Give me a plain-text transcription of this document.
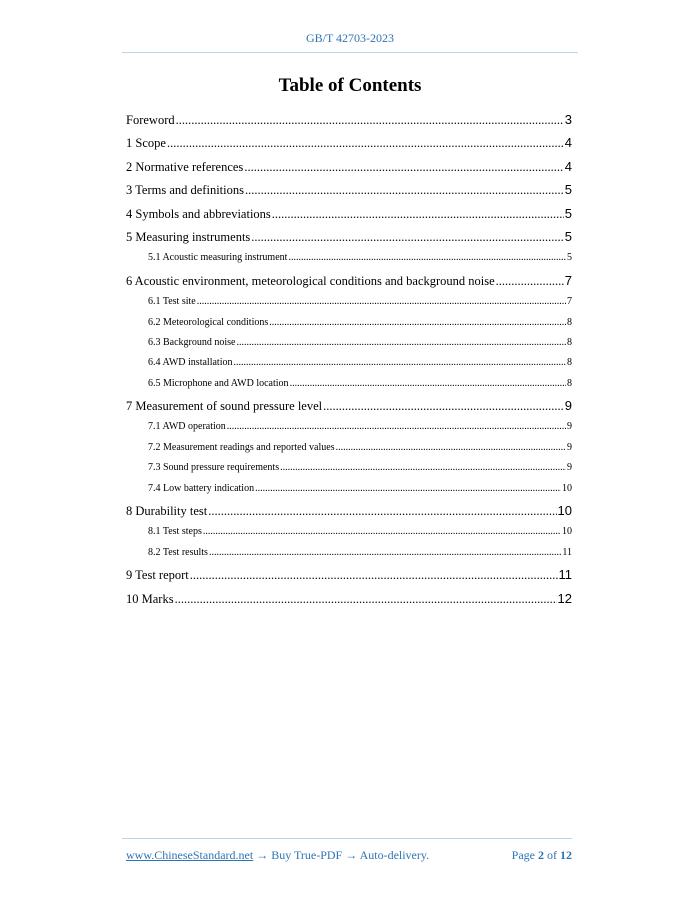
GB/T 42703-2023
Table of Contents
Foreword .....	3
1 Scope .....	4
2 Normative references .....	4
3 Terms and definitions .....	5
4 Symbols and abbreviations .....	5
5 Measuring instruments .....	5
5.1 Acoustic measuring instrument .....	5
6 Acoustic environment, meteorological conditions and background noise .....	7
6.1 Test site .....	7
6.2 Meteorological conditions .....	8
6.3 Background noise .....	8
6.4 AWD installation .....	8
6.5 Microphone and AWD location .....	8
7 Measurement of sound pressure level .....	9
7.1 AWD operation .....	9
7.2 Measurement readings and reported values .....	9
7.3 Sound pressure requirements .....	9
7.4 Low battery indication .....	10
8 Durability test .....	10
8.1 Test steps .....	10
8.2 Test results .....	11
9 Test report .....	11
10 Marks .....	12
www.ChineseStandard.net → Buy True-PDF → Auto-delivery.	Page 2 of 12
